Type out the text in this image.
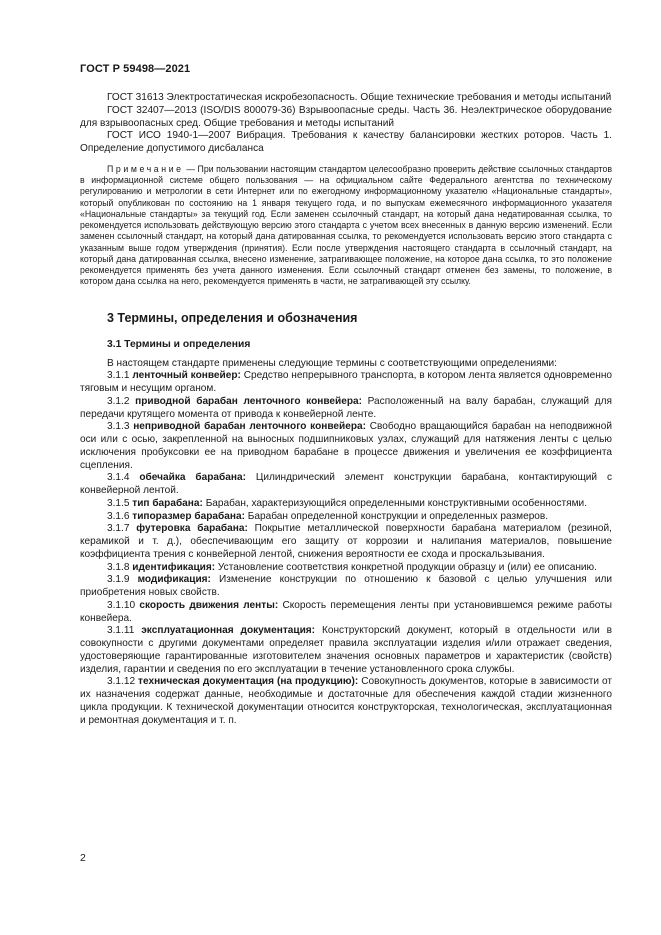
ГОСТ Р 59498—2021

ГОСТ 31613 Электростатическая искробезопасность. Общие технические требования и методы испытаний

ГОСТ 32407—2013 (ISO/DIS 800079-36) Взрывоопасные среды. Часть 36. Неэлектрическое оборудование для взрывоопасных сред. Общие требования и методы испытаний

ГОСТ ИСО 1940-1—2007 Вибрация. Требования к качеству балансировки жестких роторов. Часть 1. Определение допустимого дисбаланса

Примечание — При пользовании настоящим стандартом целесообразно проверить действие ссылочных стандартов в информационной системе общего пользования — на официальном сайте Федерального агентства по техническому регулированию и метрологии в сети Интернет или по ежегодному информационному указателю «Национальные стандарты», который опубликован по состоянию на 1 января текущего года, и по выпускам ежемесячного информационного указателя «Национальные стандарты» за текущий год. Если заменен ссылочный стандарт, на который дана недатированная ссылка, то рекомендуется использовать действующую версию этого стандарта с учетом всех внесенных в данную версию изменений. Если заменен ссылочный стандарт, на который дана датированная ссылка, то рекомендуется использовать версию этого стандарта с указанным выше годом утверждения (принятия). Если после утверждения настоящего стандарта в ссылочный стандарт, на который дана датированная ссылка, внесено изменение, затрагивающее положение, на которое дана ссылка, то это положение рекомендуется применять без учета данного изменения. Если ссылочный стандарт отменен без замены, то положение, в котором дана ссылка на него, рекомендуется применять в части, не затрагивающей эту ссылку.
3 Термины, определения и обозначения
3.1 Термины и определения

В настоящем стандарте применены следующие термины с соответствующими определениями:

3.1.1 ленточный конвейер: Средство непрерывного транспорта, в котором лента является одновременно тяговым и несущим органом.

3.1.2 приводной барабан ленточного конвейера: Расположенный на валу барабан, служащий для передачи крутящего момента от привода к конвейерной ленте.

3.1.3 неприводной барабан ленточного конвейера: Свободно вращающийся барабан на неподвижной оси или с осью, закрепленной на выносных подшипниковых узлах, служащий для натяжения ленты с целью исключения пробуксовки ее на приводном барабане в процессе движения и увеличения ее коэффициента сцепления.

3.1.4 обечайка барабана: Цилиндрический элемент конструкции барабана, контактирующий с конвейерной лентой.

3.1.5 тип барабана: Барабан, характеризующийся определенными конструктивными особенностями.

3.1.6 типоразмер барабана: Барабан определенной конструкции и определенных размеров.

3.1.7 футеровка барабана: Покрытие металлической поверхности барабана материалом (резиной, керамикой и т. д.), обеспечивающим его защиту от коррозии и налипания материалов, повышение коэффициента трения с конвейерной лентой, снижения вероятности ее схода и проскальзывания.

3.1.8 идентификация: Установление соответствия конкретной продукции образцу и (или) ее описанию.

3.1.9 модификация: Изменение конструкции по отношению к базовой с целью улучшения или приобретения новых свойств.

3.1.10 скорость движения ленты: Скорость перемещения ленты при установившемся режиме работы конвейера.

3.1.11 эксплуатационная документация: Конструкторский документ, который в отдельности или в совокупности с другими документами определяет правила эксплуатации изделия и/или отражает сведения, удостоверяющие гарантированные изготовителем значения основных параметров и характеристик (свойств) изделия, гарантии и сведения по его эксплуатации в течение установленного срока службы.

3.1.12 техническая документация (на продукцию): Совокупность документов, которые в зависимости от их назначения содержат данные, необходимые и достаточные для обеспечения каждой стадии жизненного цикла продукции. К технической документации относится конструкторская, технологическая, эксплуатационная и ремонтная документация и т. п.

2
